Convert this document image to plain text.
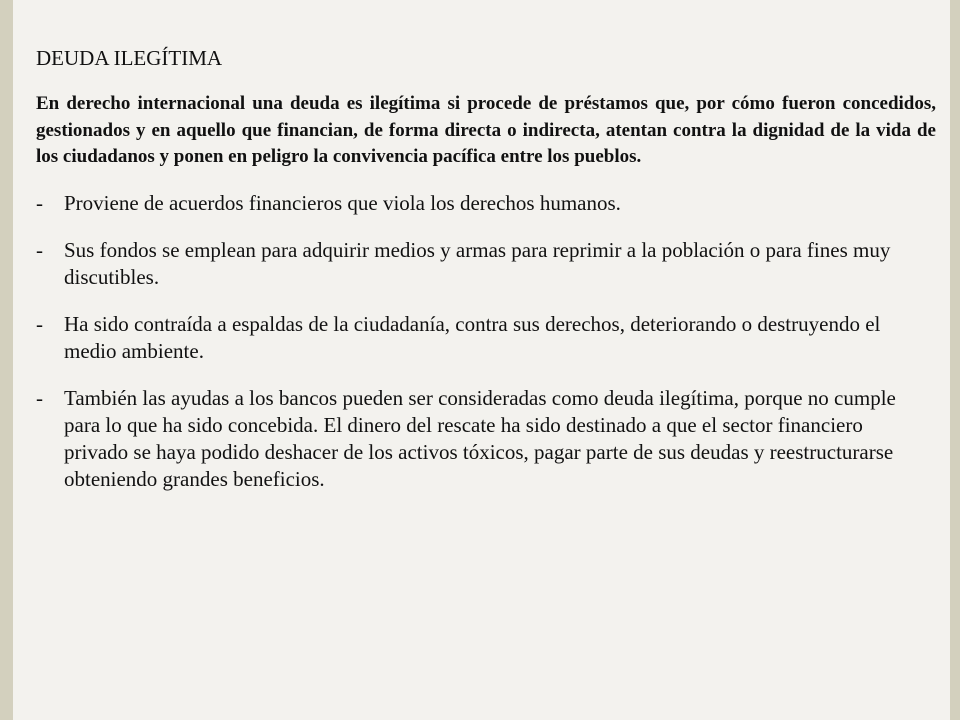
DEUDA ILEGÍTIMA
En derecho internacional una deuda es ilegítima si procede de préstamos que, por cómo fueron concedidos, gestionados y en aquello que financian, de forma directa o indirecta, atentan contra la dignidad de la vida de los ciudadanos y ponen en peligro la convivencia pacífica entre los pueblos.
-	Proviene de acuerdos financieros que viola los derechos humanos.
-	Sus fondos se emplean para adquirir medios y armas para reprimir a la población o para fines muy discutibles.
-	Ha sido contraída a espaldas de la ciudadanía, contra sus derechos, deteriorando o destruyendo el medio ambiente.
-	También las ayudas a los bancos pueden ser consideradas como deuda ilegítima, porque no cumple para lo que ha sido concebida. El dinero del rescate ha sido destinado a que el sector financiero privado se haya podido deshacer de los activos tóxicos, pagar parte de sus deudas y reestructurarse obteniendo grandes beneficios.
